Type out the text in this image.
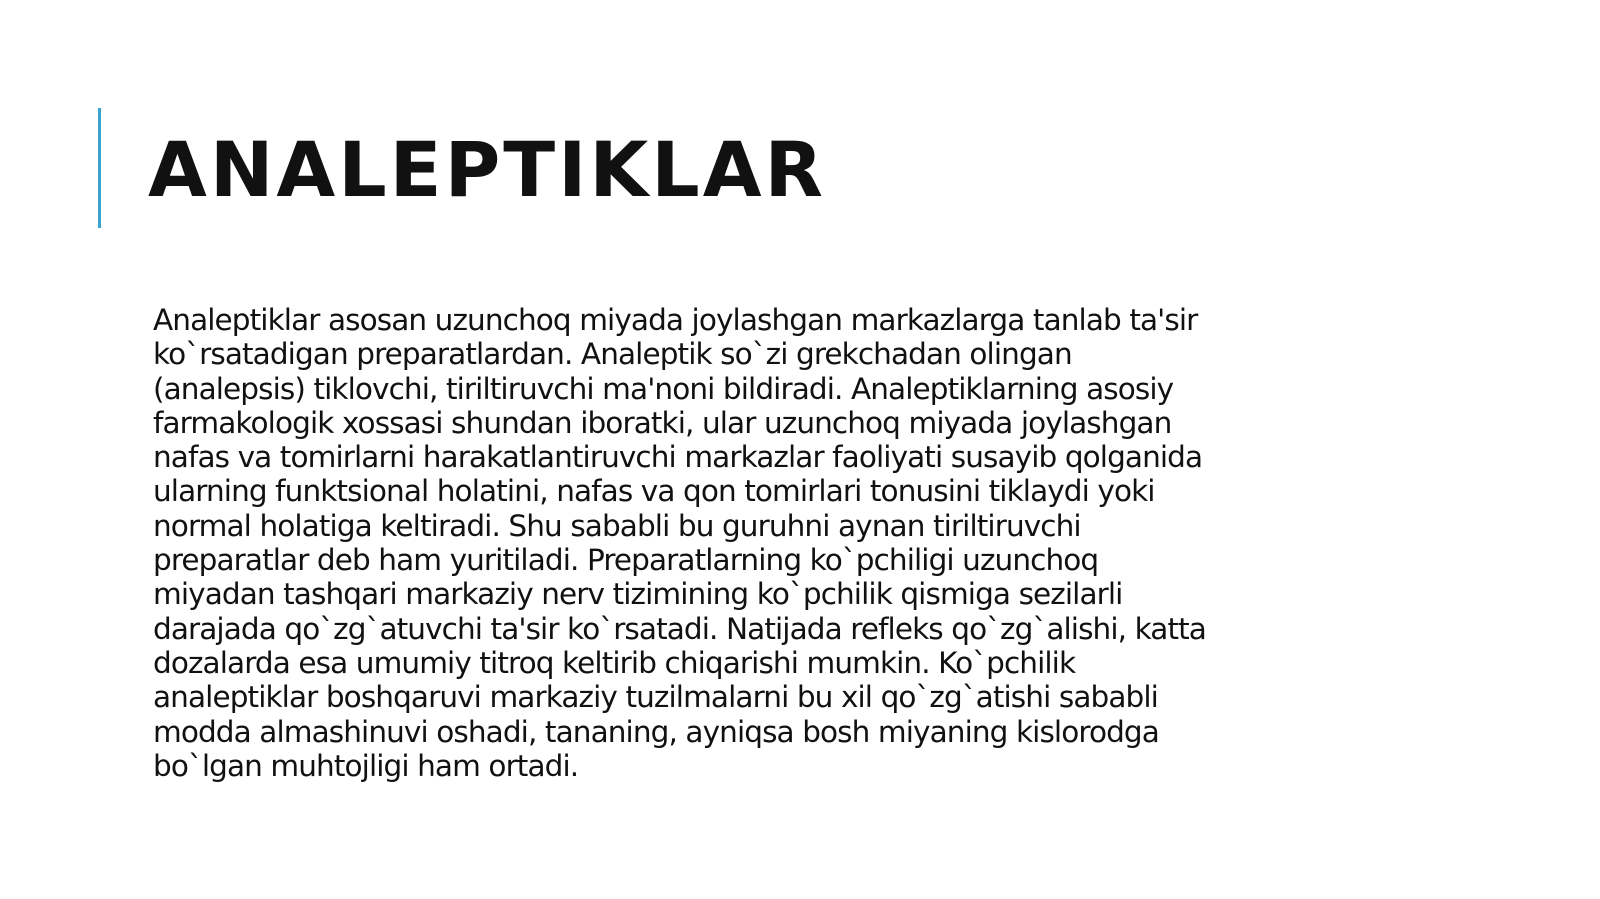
ANALEPTIKLAR

Analeptiklar asosan uzunchoq miyada joylashgan markazlarga tanlab ta'sir
ko`rsatadigan preparatlardan. Analeptik so`zi grekchadan olingan
(analepsis) tiklovchi, tiriltiruvchi ma'noni bildiradi. Analeptiklarning asosiy
farmakologik xossasi shundan iboratki, ular uzunchoq miyada joylashgan
nafas va tomirlarni harakatlantiruvchi markazlar faoliyati susayib qolganida
ularning funktsional holatini, nafas va qon tomirlari tonusini tiklaydi yoki
normal holatiga keltiradi. Shu sababli bu guruhni aynan tiriltiruvchi
preparatlar deb ham yuritiladi. Preparatlarning ko`pchiligi uzunchoq
miyadan tashqari markaziy nerv tizimining ko`pchilik qismiga sezilarli
darajada qo`zg`atuvchi ta'sir ko`rsatadi. Natijada refleks qo`zg`alishi, katta
dozalarda esa umumiy titroq keltirib chiqarishi mumkin. Ko`pchilik
analeptiklar boshqaruvi markaziy tuzilmalarni bu xil qo`zg`atishi sababli
modda almashinuvi oshadi, tananing, ayniqsa bosh miyaning kislorodga
bo`lgan muhtojligi ham ortadi.
